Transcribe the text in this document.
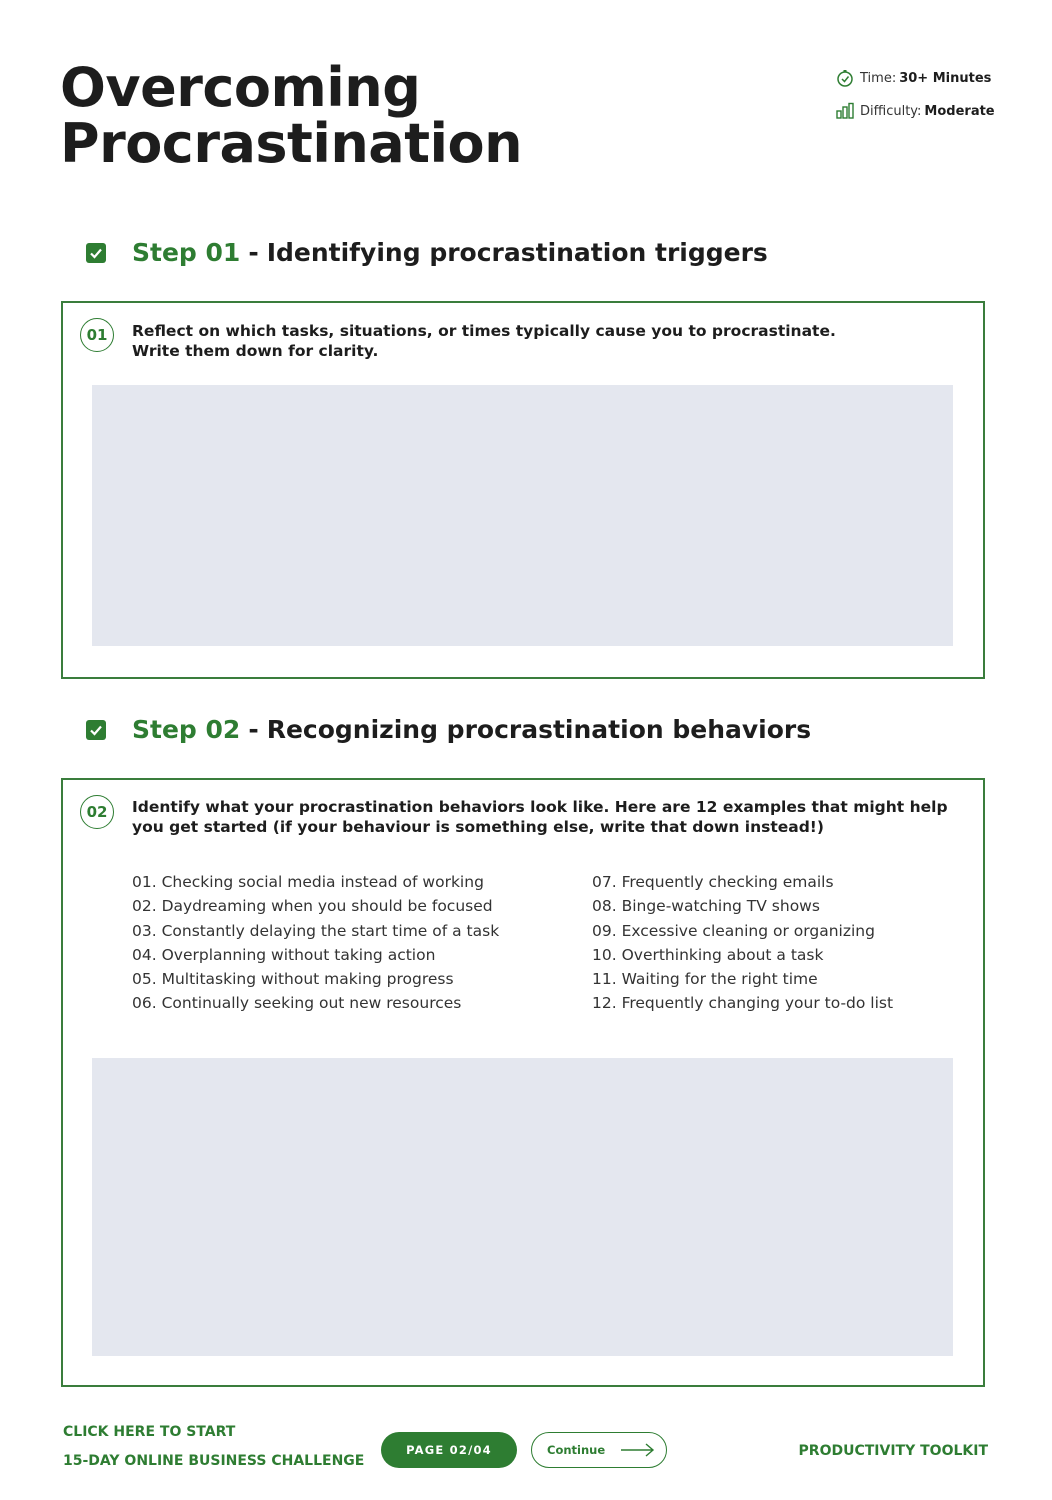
Overcoming
Procrastination
Time: 30+ Minutes
Difficulty: Moderate
Step 01 - Identifying procrastination triggers
01	Reflect on which tasks, situations, or times typically cause you to procrastinate.
Write them down for clarity.

Step 02 - Recognizing procrastination behaviors
02	Identify what your procrastination behaviors look like. Here are 12 examples that might help
you get started (if your behaviour is something else, write that down instead!)

01. Checking social media instead of working
02. Daydreaming when you should be focused
03. Constantly delaying the start time of a task
04. Overplanning without taking action
05. Multitasking without making progress
06. Continually seeking out new resources
07. Frequently checking emails
08. Binge-watching TV shows
09. Excessive cleaning or organizing
10. Overthinking about a task
11. Waiting for the right time
12. Frequently changing your to-do list
CLICK HERE TO START
15-DAY ONLINE BUSINESS CHALLENGE
PAGE 02/04	Continue	PRODUCTIVITY TOOLKIT
